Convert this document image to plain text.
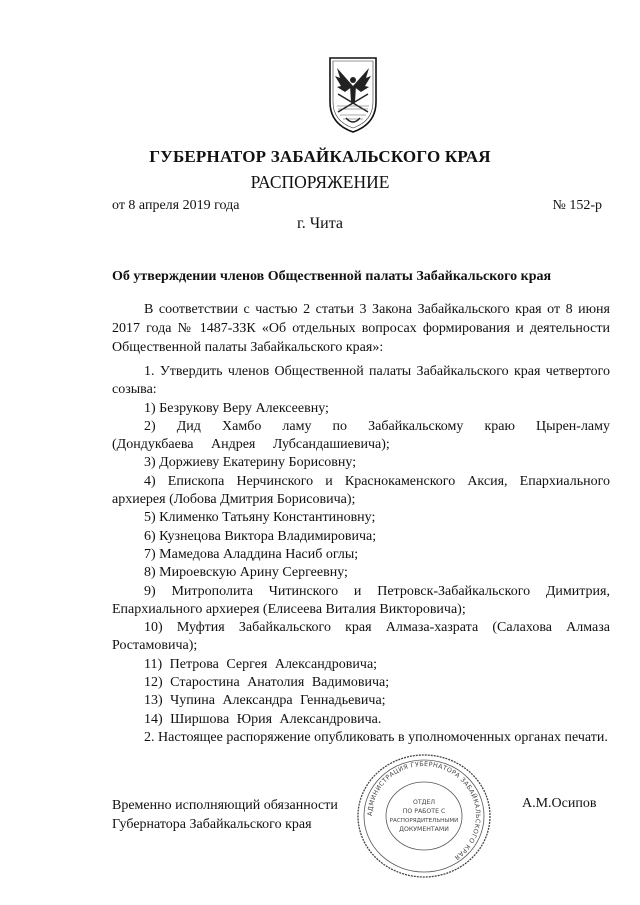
ГУБЕРНАТОР ЗАБАЙКАЛЬСКОГО КРАЯ
РАСПОРЯЖЕНИЕ
от 8 апреля 2019 года	№ 152-р
г. Чита
Об утверждении членов Общественной палаты Забайкальского края

В соответствии с частью 2 статьи 3 Закона Забайкальского края от 8 июня 2017 года № 1487-ЗЗК «Об отдельных вопросах формирования и деятельности Общественной палаты Забайкальского края»:

1. Утвердить членов Общественной палаты Забайкальского края четвертого созыва:

1) Безрукову Веру Алексеевну;

2) Дид Хамбо ламу по Забайкальскому краю Цырен-ламу (Дондукбаева Андрея Лубсандашиевича);

3) Доржиеву Екатерину Борисовну;

4) Епископа Нерчинского и Краснокаменского Аксия, Епархиального архиерея (Лобова Дмитрия Борисовича);

5) Клименко Татьяну Константиновну;

6) Кузнецова Виктора Владимировича;

7) Мамедова Аладдина Насиб оглы;

8) Мироевскую Арину Сергеевну;

9) Митрополита Читинского и Петровск-Забайкальского Димитрия, Епархиального архиерея (Елисеева Виталия Викторовича);

10) Муфтия Забайкальского края Алмаза-хазрата (Салахова Алмаза Ростамовича);

11) Петрова Сергея Александровича;

12) Старостина Анатолия Вадимовича;

13) Чупина Александра Геннадьевича;

14) Ширшова Юрия Александровича.

2. Настоящее распоряжение опубликовать в уполномоченных органах печати.

Временно исполняющий обязанности
Губернатора Забайкальского края
А.М.Осипов
АДМИНИСТРАЦИЯ ГУБЕРНАТОРА ЗАБАЙКАЛЬСКОГО КРАЯ
ОТДЕЛ
ПО РАБОТЕ С
РАСПОРЯДИТЕЛЬНЫМИ
ДОКУМЕНТАМИ
